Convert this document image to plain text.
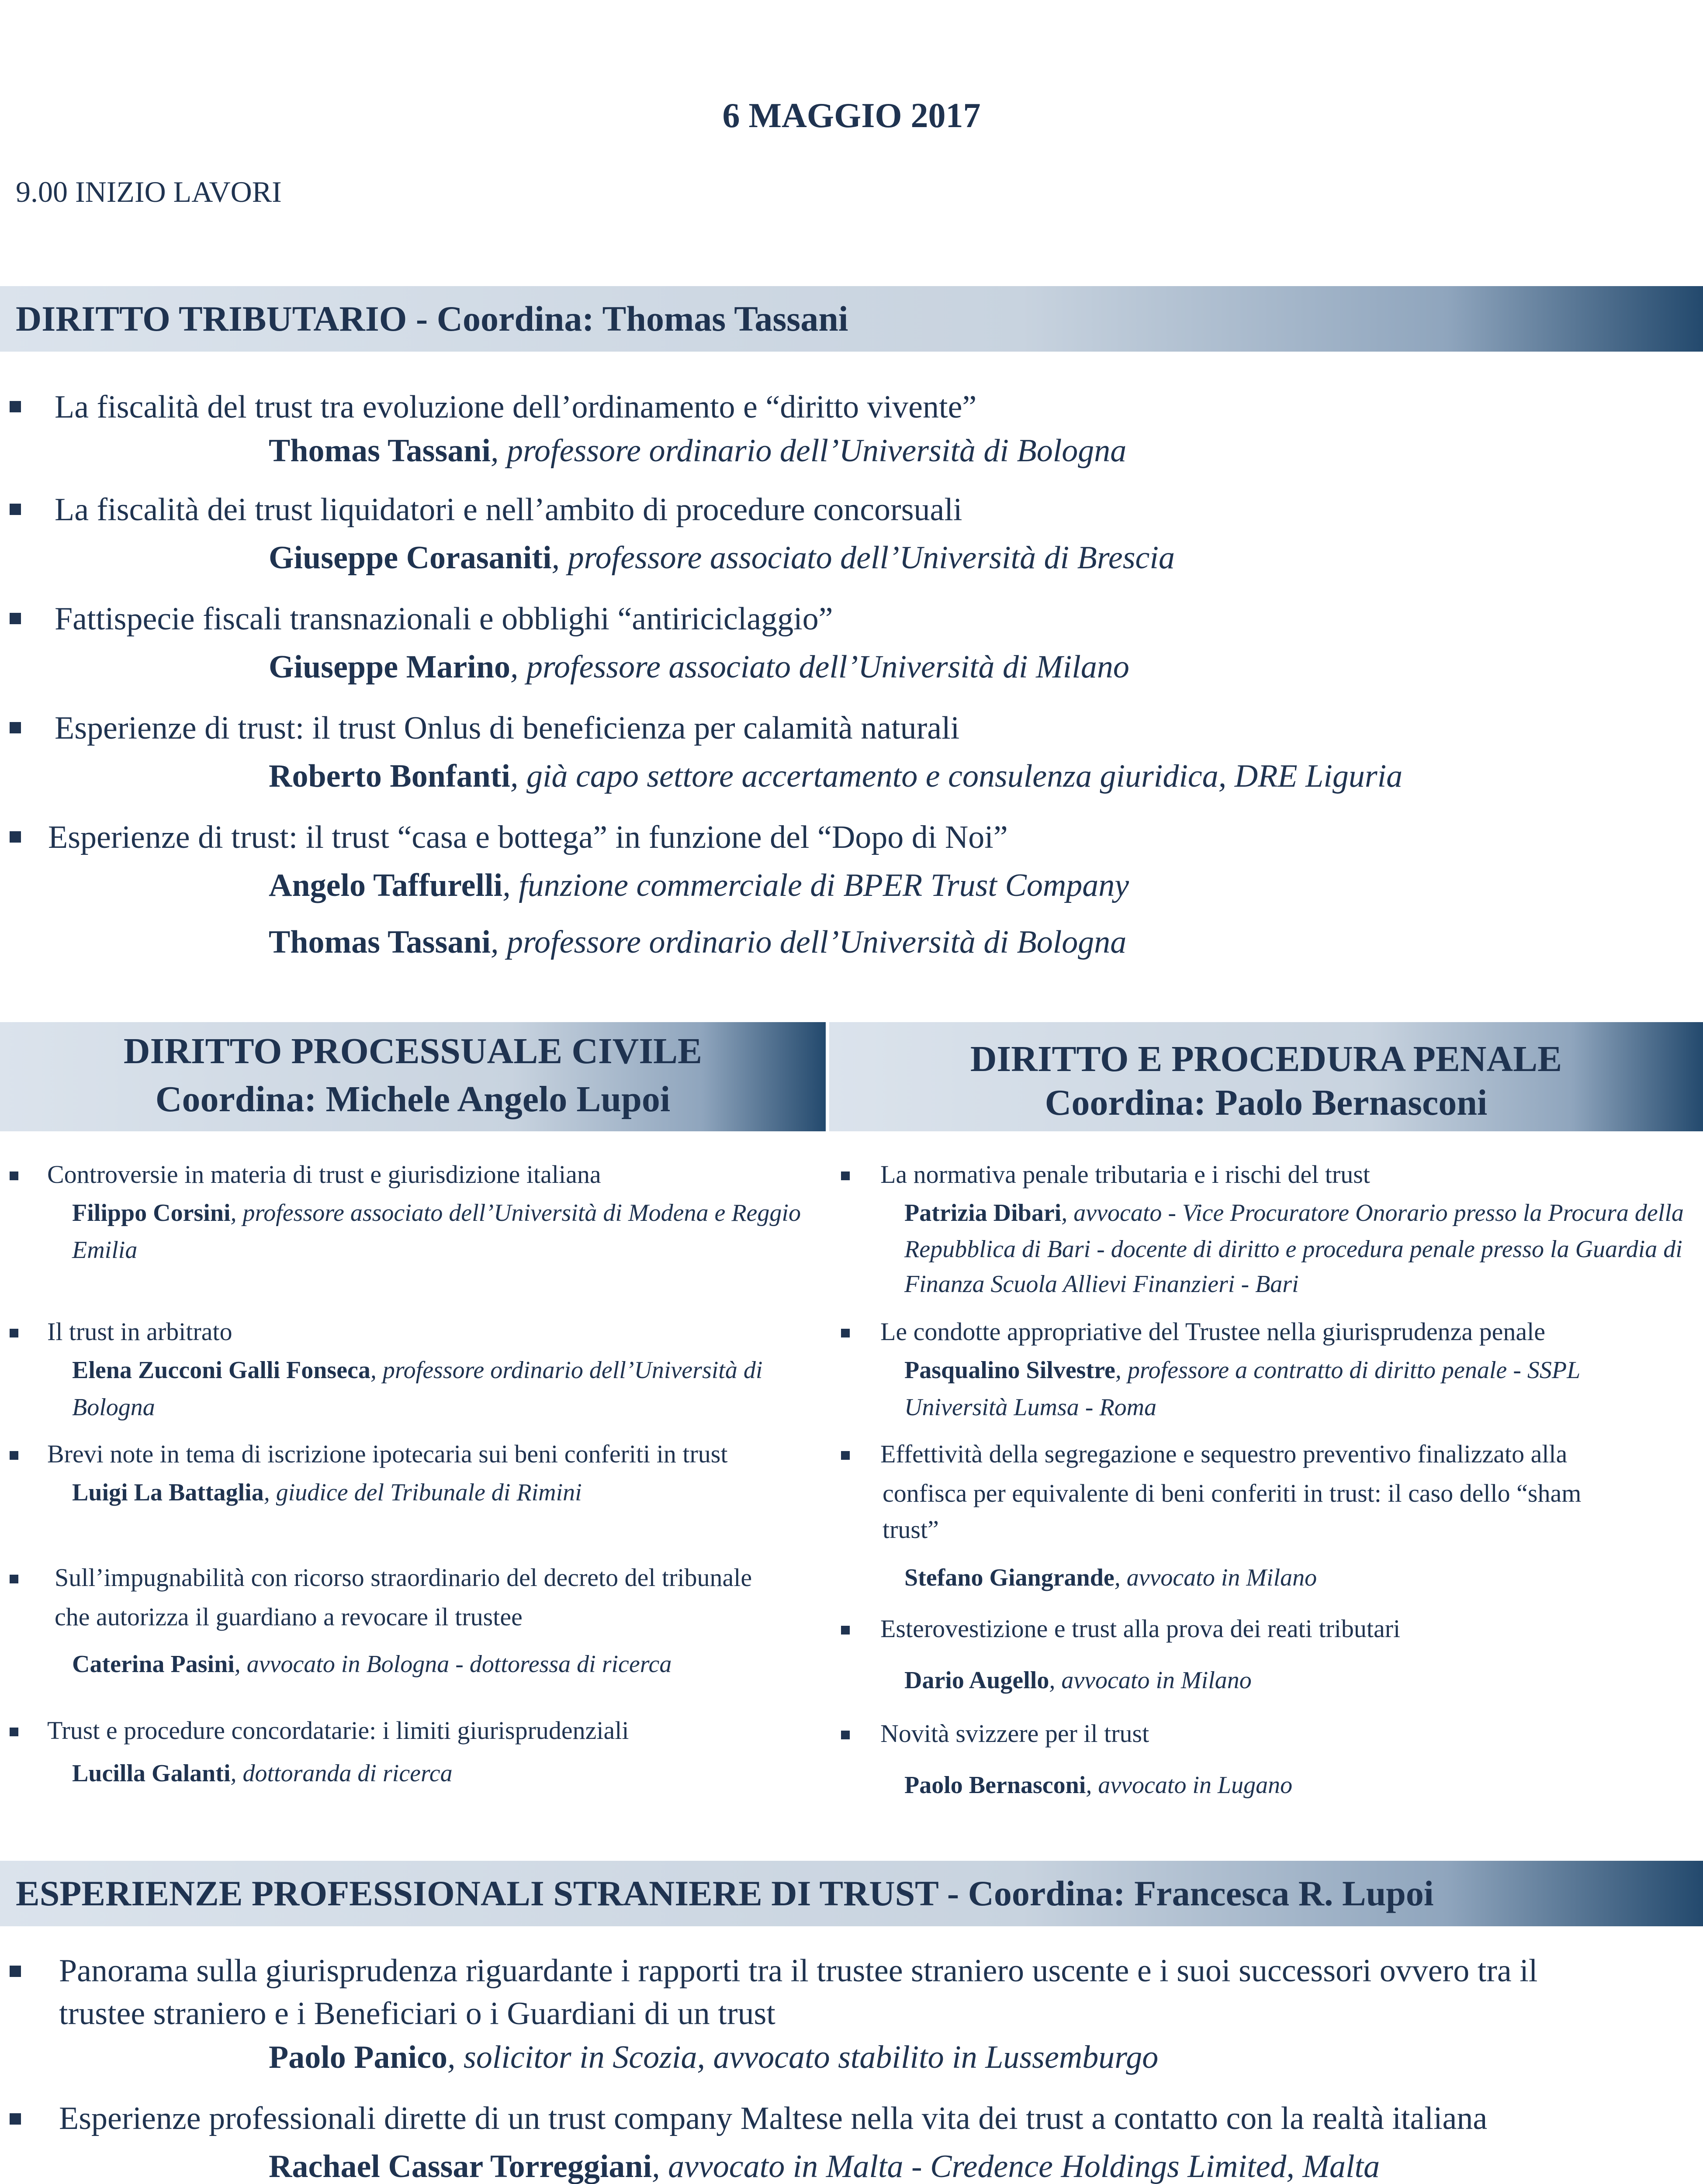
6 MAGGIO 2017
9.00 INIZIO LAVORI
DIRITTO TRIBUTARIO - Coordina: Thomas Tassani
La fiscalità del trust tra evoluzione dell’ordinamento e “diritto vivente”
Thomas Tassani, professore ordinario dell’Università di Bologna
La fiscalità dei trust liquidatori e nell’ambito di procedure concorsuali
Giuseppe Corasaniti, professore associato dell’Università di Brescia
Fattispecie fiscali transnazionali e obblighi “antiriciclaggio”
Giuseppe Marino, professore associato dell’Università di Milano
Esperienze di trust: il trust Onlus di beneficienza per calamità naturali
Roberto Bonfanti, già capo settore accertamento e consulenza giuridica, DRE Liguria
Esperienze di trust: il trust “casa e bottega” in funzione del “Dopo di Noi”
Angelo Taffurelli, funzione commerciale di BPER Trust Company
Thomas Tassani, professore ordinario dell’Università di Bologna
DIRITTO PROCESSUALE CIVILE
Coordina: Michele Angelo Lupoi
DIRITTO E PROCEDURA PENALE
Coordina: Paolo Bernasconi
Controversie in materia di trust e giurisdizione italiana
Filippo Corsini, professore associato dell’Università di Modena e Reggio
Emilia
Il trust in arbitrato
Elena Zucconi Galli Fonseca, professore ordinario dell’Università di
Bologna
Brevi note in tema di iscrizione ipotecaria sui beni conferiti in trust
Luigi La Battaglia, giudice del Tribunale di Rimini
Sull’impugnabilità con ricorso straordinario del decreto del tribunale
che autorizza il guardiano a revocare il trustee
Caterina Pasini, avvocato in Bologna - dottoressa di ricerca
Trust e procedure concordatarie: i limiti giurisprudenziali
Lucilla Galanti, dottoranda di ricerca
La normativa penale tributaria e i rischi del trust
Patrizia Dibari, avvocato - Vice Procuratore Onorario presso la Procura della
Repubblica di Bari - docente di diritto e procedura penale presso la Guardia di
Finanza Scuola Allievi Finanzieri - Bari
Le condotte appropriative del Trustee nella giurisprudenza penale
Pasqualino Silvestre, professore a contratto di diritto penale - SSPL
Università Lumsa - Roma
Effettività della segregazione e sequestro preventivo finalizzato alla
confisca per equivalente di beni conferiti in trust: il caso dello “sham
trust”
Stefano Giangrande, avvocato in Milano
Esterovestizione e trust alla prova dei reati tributari
Dario Augello, avvocato in Milano
Novità svizzere per il trust
Paolo Bernasconi, avvocato in Lugano
ESPERIENZE PROFESSIONALI STRANIERE DI TRUST - Coordina: Francesca R. Lupoi
Panorama sulla giurisprudenza riguardante i rapporti tra il trustee straniero uscente e i suoi successori ovvero tra il
trustee straniero e i Beneficiari o i Guardiani di un trust
Paolo Panico, solicitor in Scozia, avvocato stabilito in Lussemburgo
Esperienze professionali dirette di un trust company Maltese nella vita dei trust a contatto con la realtà italiana
Rachael Cassar Torreggiani, avvocato in Malta - Credence Holdings Limited, Malta
